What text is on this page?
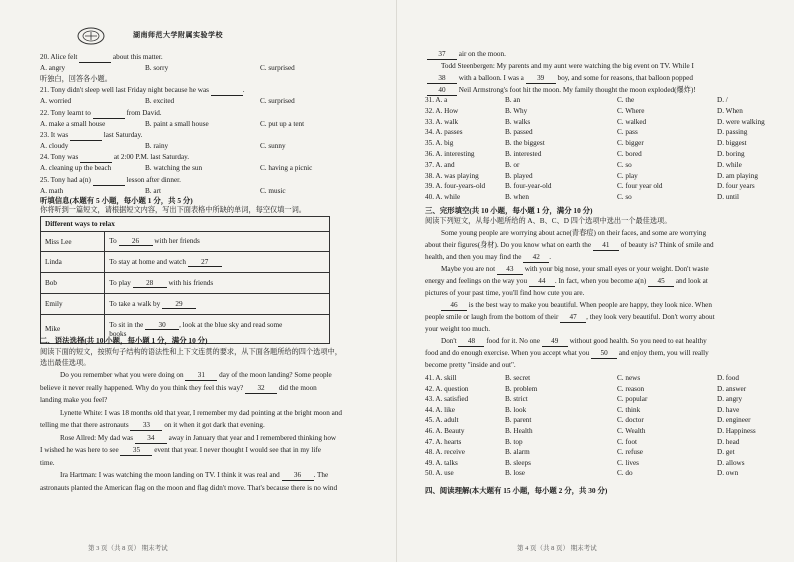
湖南师范大学附属实验学校
20. Alice felt	about this matter.
A. angry	B. sorry	C. surprised
听独白，回答各小题。
21. Tony didn't sleep well last Friday night because he was	.
A. worried	B. excited	C. surprised
22. Tony learnt to	from David.
A. make a small house	B. paint a small house	C. put up a tent
23. It was	last Saturday.
A. cloudy	B. rainy	C. sunny
24. Tony was	at 2:00 P.M. last Saturday.
A. cleaning up the beach	B. watching the sun	C. having a picnic
25. Tony had a(n)	lesson after dinner.
A. math	B. art	C. music
听填信息(本题有 5 小题，每小题 1 分，共 5 分)
你将听到一篇短文，请根据短文内容，写出下面表格中所缺的单词，每空仅填一词。
Different ways to relax	
Miss Lee	To 26 with her friends
Linda	To stay at home and watch 27
Bob	To play 28 with his friends
Emily	To take a walk by 29
Mike	To sit in the 30 , look at the blue sky and read some
books
二、语法选择(共 10 小题，每小题 1 分，满分 10 分)
阅读下面的短文，按照句子结构的语法性和上下文连贯的要求，从下面各题所给的四个选项中，
选出最佳选项。
Do you remember what you were doing on 31 day of the moon landing? Some people
believe it never really happened. Why do you think they feel this way? 32 did the moon
landing make you feel?
Lynette White: I was 18 months old that year, I remember my dad pointing at the bright moon and
telling me that there astronauts 33 on it when it got dark that evening.
Rose Allred: My dad was 34 away in January that year and I remembered thinking how
I wished he was here to see 35 event that year. I never thought I would see that in my life
time.
Ira Hartman: I was watching the moon landing on TV. I think it was real and 36 . The
astronauts planted the American flag on the moon and flag didn't move. That's because there is no wind
第 3 页（共 8 页） 期末考试
37 air on the moon.
Todd Steenbergen: My parents and my aunt were watching the big event on TV. While I
38 with a balloon. I was a 39 boy, and some for reasons, that balloon popped
40 Neil Armstrong's foot hit the moon. My family thought the moon exploded(爆炸)!
31. A. a	B. an	C. the	D. /
32. A. How	B. Why	C. Where	D. When
33. A. walk	B. walks	C. walked	D. were walking
34. A. passes	B. passed	C. pass	D. passing
35. A. big	B. the biggest	C. bigger	D. biggest
36. A. interesting	B. interested	C. bored	D. boring
37. A. and	B. or	C. so	D. while
38. A. was playing	B. played	C. play	D. am playing
39. A. four-years-old	B. four-year-old	C. four year old	D. four years
40. A. while	B. when	C. so	D. until
三、完形填空(共 10 小题，每小题 1 分，满分 10 分)
阅读下列短文，从每小题所给的 A、B、C、D 四个选项中选出一个最佳选项。
Some young people are worrying about acne(青春痘) on their faces, and some are worrying
about their figures(身材). Do you know what on earth the 41 of beauty is? Think of smile and
health, and then you may find the 42 .
Maybe you are not 43 with your big nose, your small eyes or your weight. Don't waste
energy and feelings on the way you 44 . In fact, when you become a(n) 45 and look at
pictures of your past time, you'll find how cute you are.
46 is the best way to make you beautiful. When people are happy, they look nice. When
people smile or laugh from the bottom of their 47 , they look very beautiful. Don't worry about
your weight too much.
Don't 48 food for it. No one 49 without good health. So you need to eat healthy
food and do enough exercise. When you accept what you 50 and enjoy them, you will really
become pretty "inside and out".
41. A. skill	B. secret	C. news	D. food
42. A. question	B. problem	C. reason	D. answer
43. A. satisfied	B. strict	C. popular	D. angry
44. A. like	B. look	C. think	D. have
45. A. adult	B. parent	C. doctor	D. engineer
46. A. Beauty	B. Health	C. Wealth	D. Happiness
47. A. hearts	B. top	C. foot	D. head
48. A. receive	B. alarm	C. refuse	D. get
49. A. talks	B. sleeps	C. lives	D. allows
50. A. use	B. lose	C. do	D. own
四、阅读理解(本大题有 15 小题，每小题 2 分，共 30 分)
第 4 页（共 8 页） 期末考试
